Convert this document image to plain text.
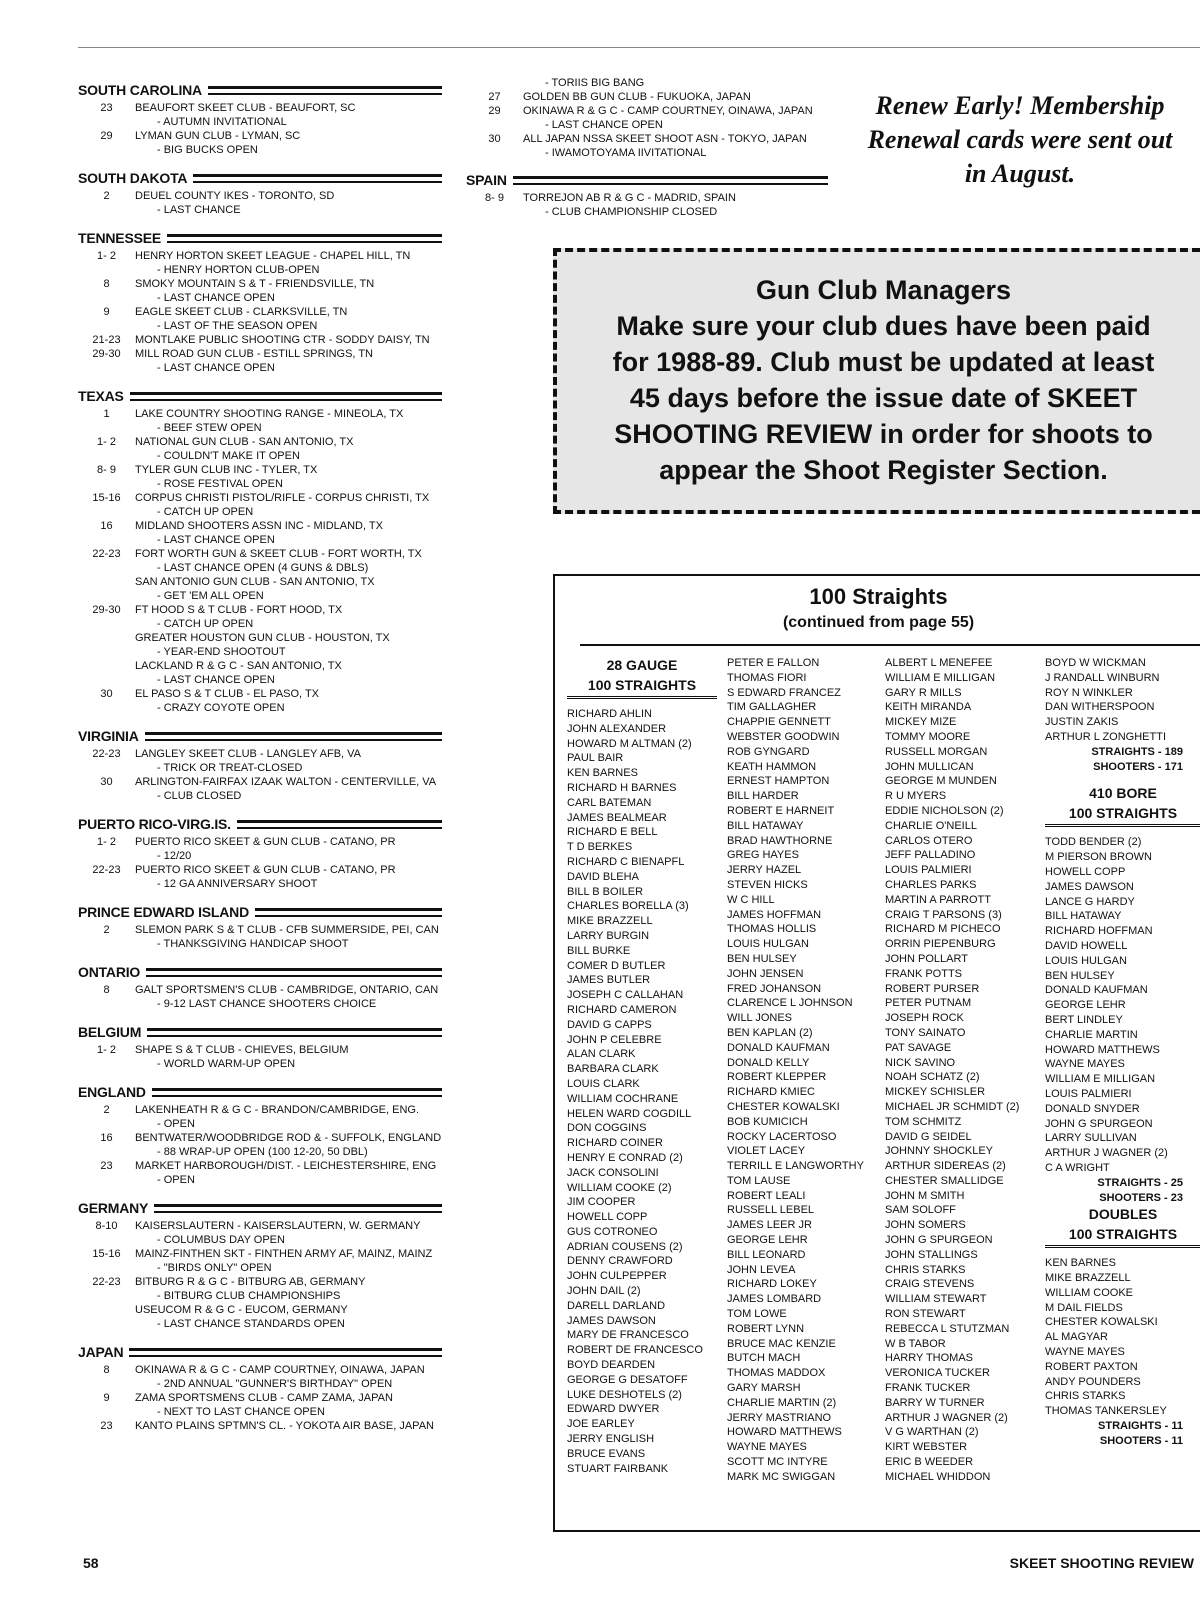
SOUTH CAROLINA
23	BEAUFORT SKEET CLUB - BEAUFORT, SC
- AUTUMN INVITATIONAL
29	LYMAN GUN CLUB - LYMAN, SC
- BIG BUCKS OPEN
SOUTH DAKOTA
2	DEUEL COUNTY IKES - TORONTO, SD
- LAST CHANCE
TENNESSEE
1- 2	HENRY HORTON SKEET LEAGUE - CHAPEL HILL, TN
- HENRY HORTON CLUB-OPEN
8	SMOKY MOUNTAIN S & T - FRIENDSVILLE, TN
- LAST CHANCE OPEN
9	EAGLE SKEET CLUB - CLARKSVILLE, TN
- LAST OF THE SEASON OPEN
21-23	MONTLAKE PUBLIC SHOOTING CTR - SODDY DAISY, TN
29-30	MILL ROAD GUN CLUB - ESTILL SPRINGS, TN
- LAST CHANCE OPEN
TEXAS
1	LAKE COUNTRY SHOOTING RANGE - MINEOLA, TX
- BEEF STEW OPEN
1- 2	NATIONAL GUN CLUB - SAN ANTONIO, TX
- COULDN'T MAKE IT OPEN
8- 9	TYLER GUN CLUB INC - TYLER, TX
- ROSE FESTIVAL OPEN
15-16	CORPUS CHRISTI PISTOL/RIFLE - CORPUS CHRISTI, TX
- CATCH UP OPEN
16	MIDLAND SHOOTERS ASSN INC - MIDLAND, TX
- LAST CHANCE OPEN
22-23	FORT WORTH GUN & SKEET CLUB - FORT WORTH, TX
- LAST CHANCE OPEN (4 GUNS & DBLS)
SAN ANTONIO GUN CLUB - SAN ANTONIO, TX
- GET 'EM ALL OPEN
29-30	FT HOOD S & T CLUB - FORT HOOD, TX
- CATCH UP OPEN
GREATER HOUSTON GUN CLUB - HOUSTON, TX
- YEAR-END SHOOTOUT
LACKLAND R & G C - SAN ANTONIO, TX
- LAST CHANCE OPEN
30	EL PASO S & T CLUB - EL PASO, TX
- CRAZY COYOTE OPEN
VIRGINIA
22-23	LANGLEY SKEET CLUB - LANGLEY AFB, VA
- TRICK OR TREAT-CLOSED
30	ARLINGTON-FAIRFAX IZAAK WALTON - CENTERVILLE, VA
- CLUB CLOSED
PUERTO RICO-VIRG.IS.
1- 2	PUERTO RICO SKEET & GUN CLUB - CATANO, PR
- 12/20
22-23	PUERTO RICO SKEET & GUN CLUB - CATANO, PR
- 12 GA ANNIVERSARY SHOOT
PRINCE EDWARD ISLAND
2	SLEMON PARK S & T CLUB - CFB SUMMERSIDE, PEI, CAN
- THANKSGIVING HANDICAP SHOOT
ONTARIO
8	GALT SPORTSMEN'S CLUB - CAMBRIDGE, ONTARIO, CAN
- 9-12 LAST CHANCE SHOOTERS CHOICE
BELGIUM
1- 2	SHAPE S & T CLUB - CHIEVES, BELGIUM
- WORLD WARM-UP OPEN
ENGLAND
2	LAKENHEATH R & G C - BRANDON/CAMBRIDGE, ENG.
- OPEN
16	BENTWATER/WOODBRIDGE ROD & - SUFFOLK, ENGLAND
- 88 WRAP-UP OPEN (100 12-20, 50 DBL)
23	MARKET HARBOROUGH/DIST. - LEICHESTERSHIRE, ENG
- OPEN
GERMANY
8-10	KAISERSLAUTERN - KAISERSLAUTERN, W. GERMANY
- COLUMBUS DAY OPEN
15-16	MAINZ-FINTHEN SKT - FINTHEN ARMY AF, MAINZ, MAINZ
- "BIRDS ONLY" OPEN
22-23	BITBURG R & G C - BITBURG AB, GERMANY
- BITBURG CLUB CHAMPIONSHIPS
USEUCOM R & G C - EUCOM, GERMANY
- LAST CHANCE STANDARDS OPEN
JAPAN
8	OKINAWA R & G C - CAMP COURTNEY, OINAWA, JAPAN
- 2ND ANNUAL "GUNNER'S BIRTHDAY" OPEN
9	ZAMA SPORTSMENS CLUB - CAMP ZAMA, JAPAN
- NEXT TO LAST CHANCE OPEN
23	KANTO PLAINS SPTMN'S CL. - YOKOTA AIR BASE, JAPAN
- TORIIS BIG BANG
27	GOLDEN BB GUN CLUB - FUKUOKA, JAPAN
29	OKINAWA R & G C - CAMP COURTNEY, OINAWA, JAPAN
- LAST CHANCE OPEN
30	ALL JAPAN NSSA SKEET SHOOT ASN - TOKYO, JAPAN
- IWAMOTOYAMA IIVITATIONAL
SPAIN
8- 9	TORREJON AB R & G C - MADRID, SPAIN
- CLUB CHAMPIONSHIP CLOSED
Renew Early! Membership
Renewal cards were sent out
in August.
Gun Club Managers
Make sure your club dues have been paid
for 1988-89. Club must be updated at least
45 days before the issue date of SKEET
SHOOTING REVIEW in order for shoots to
appear the Shoot Register Section.
100 Straights
(continued from page 55)
28 GAUGE
100 STRAIGHTS
RICHARD AHLIN
JOHN ALEXANDER
HOWARD M ALTMAN (2)
PAUL BAIR
KEN BARNES
RICHARD H BARNES
CARL BATEMAN
JAMES BEALMEAR
RICHARD E BELL
T D BERKES
RICHARD C BIENAPFL
DAVID BLEHA
BILL B BOILER
CHARLES BORELLA (3)
MIKE BRAZZELL
LARRY BURGIN
BILL BURKE
COMER D BUTLER
JAMES BUTLER
JOSEPH C CALLAHAN
RICHARD CAMERON
DAVID G CAPPS
JOHN P CELEBRE
ALAN CLARK
BARBARA CLARK
LOUIS CLARK
WILLIAM COCHRANE
HELEN WARD COGDILL
DON COGGINS
RICHARD COINER
HENRY E CONRAD (2)
JACK CONSOLINI
WILLIAM COOKE (2)
JIM COOPER
HOWELL COPP
GUS COTRONEO
ADRIAN COUSENS (2)
DENNY CRAWFORD
JOHN CULPEPPER
JOHN DAIL (2)
DARELL DARLAND
JAMES DAWSON
MARY DE FRANCESCO
ROBERT DE FRANCESCO
BOYD DEARDEN
GEORGE G DESATOFF
LUKE DESHOTELS (2)
EDWARD DWYER
JOE EARLEY
JERRY ENGLISH
BRUCE EVANS
STUART FAIRBANK
PETER E FALLON
THOMAS FIORI
S EDWARD FRANCEZ
TIM GALLAGHER
CHAPPIE GENNETT
WEBSTER GOODWIN
ROB GYNGARD
KEATH HAMMON
ERNEST HAMPTON
BILL HARDER
ROBERT E HARNEIT
BILL HATAWAY
BRAD HAWTHORNE
GREG HAYES
JERRY HAZEL
STEVEN HICKS
W C HILL
JAMES HOFFMAN
THOMAS HOLLIS
LOUIS HULGAN
BEN HULSEY
JOHN JENSEN
FRED JOHANSON
CLARENCE L JOHNSON
WILL JONES
BEN KAPLAN (2)
DONALD KAUFMAN
DONALD KELLY
ROBERT KLEPPER
RICHARD KMIEC
CHESTER KOWALSKI
BOB KUMICICH
ROCKY LACERTOSO
VIOLET LACEY
TERRILL E LANGWORTHY
TOM LAUSE
ROBERT LEALI
RUSSELL LEBEL
JAMES LEER JR
GEORGE LEHR
BILL LEONARD
JOHN LEVEA
RICHARD LOKEY
JAMES LOMBARD
TOM LOWE
ROBERT LYNN
BRUCE MAC KENZIE
BUTCH MACH
THOMAS MADDOX
GARY MARSH
CHARLIE MARTIN (2)
JERRY MASTRIANO
HOWARD MATTHEWS
WAYNE MAYES
SCOTT MC INTYRE
MARK MC SWIGGAN
ALBERT L MENEFEE
WILLIAM E MILLIGAN
GARY R MILLS
KEITH MIRANDA
MICKEY MIZE
TOMMY MOORE
RUSSELL MORGAN
JOHN MULLICAN
GEORGE M MUNDEN
R U MYERS
EDDIE NICHOLSON (2)
CHARLIE O'NEILL
CARLOS OTERO
JEFF PALLADINO
LOUIS PALMIERI
CHARLES PARKS
MARTIN A PARROTT
CRAIG T PARSONS (3)
RICHARD M PICHECO
ORRIN PIEPENBURG
JOHN POLLART
FRANK POTTS
ROBERT PURSER
PETER PUTNAM
JOSEPH ROCK
TONY SAINATO
PAT SAVAGE
NICK SAVINO
NOAH SCHATZ (2)
MICKEY SCHISLER
MICHAEL JR SCHMIDT (2)
TOM SCHMITZ
DAVID G SEIDEL
JOHNNY SHOCKLEY
ARTHUR SIDEREAS (2)
CHESTER SMALLIDGE
JOHN M SMITH
SAM SOLOFF
JOHN SOMERS
JOHN G SPURGEON
JOHN STALLINGS
CHRIS STARKS
CRAIG STEVENS
WILLIAM STEWART
RON STEWART
REBECCA L STUTZMAN
W B TABOR
HARRY THOMAS
VERONICA TUCKER
FRANK TUCKER
BARRY W TURNER
ARTHUR J WAGNER (2)
V G WARTHAN (2)
KIRT WEBSTER
ERIC B WEEDER
MICHAEL WHIDDON
BOYD W WICKMAN
J RANDALL WINBURN
ROY N WINKLER
DAN WITHERSPOON
JUSTIN ZAKIS
ARTHUR L ZONGHETTI
STRAIGHTS - 189
SHOOTERS - 171
410 BORE
100 STRAIGHTS
TODD BENDER (2)
M PIERSON BROWN
HOWELL COPP
JAMES DAWSON
LANCE G HARDY
BILL HATAWAY
RICHARD HOFFMAN
DAVID HOWELL
LOUIS HULGAN
BEN HULSEY
DONALD KAUFMAN
GEORGE LEHR
BERT LINDLEY
CHARLIE MARTIN
HOWARD MATTHEWS
WAYNE MAYES
WILLIAM E MILLIGAN
LOUIS PALMIERI
DONALD SNYDER
JOHN G SPURGEON
LARRY SULLIVAN
ARTHUR J WAGNER (2)
C A WRIGHT
STRAIGHTS - 25
SHOOTERS - 23
DOUBLES
100 STRAIGHTS
KEN BARNES
MIKE BRAZZELL
WILLIAM COOKE
M DAIL FIELDS
CHESTER KOWALSKI
AL MAGYAR
WAYNE MAYES
ROBERT PAXTON
ANDY POUNDERS
CHRIS STARKS
THOMAS TANKERSLEY
STRAIGHTS - 11
SHOOTERS - 11
58	SKEET SHOOTING REVIEW
